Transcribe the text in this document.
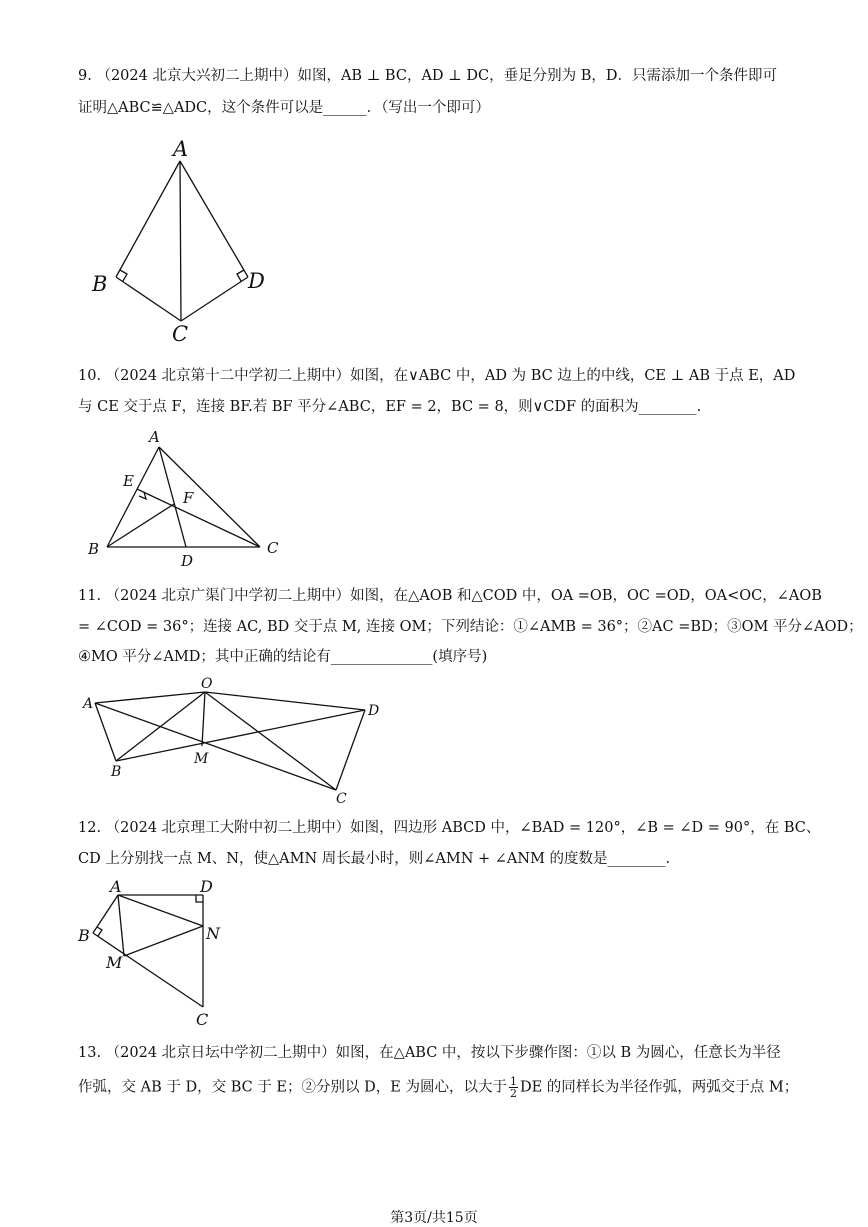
9. （2024 北京大兴初二上期中）如图，AB ⊥ BC，AD ⊥ DC，垂足分别为 B，D．只需添加一个条件即可
证明△ABC≌△ADC，这个条件可以是______．（写出一个即可）
A
B	D
C
10. （2024 北京第十二中学初二上期中）如图，在∨ABC 中，AD 为 BC 边上的中线，CE ⊥ AB 于点 E，AD
与 CE 交于点 F，连接 BF.若 BF 平分∠ABC，EF = 2，BC = 8，则∨CDF 的面积为________.
A
E
F
B	C
D
11. （2024 北京广渠门中学初二上期中）如图，在△AOB 和△COD 中，OA =OB，OC =OD，OA<OC，∠AOB
= ∠COD = 36°；连接 AC, BD 交于点 M, 连接 OM；下列结论：①∠AMB = 36°；②AC =BD；③OM 平分∠AOD；
④MO 平分∠AMD；其中正确的结论有______________(填序号)
A
O
D
B
M
C
12. （2024 北京理工大附中初二上期中）如图，四边形 ABCD 中，∠BAD = 120°，∠B = ∠D = 90°，在 BC、
CD 上分别找一点 M、N，使△AMN 周长最小时，则∠AMN + ∠ANM 的度数是________.
A	D
B	N
M
C
13. （2024 北京日坛中学初二上期中）如图，在△ABC 中，按以下步骤作图：①以 B 为圆心，任意长为半径
作弧，交 AB 于 D，交 BC 于 E；②分别以 D，E 为圆心，以大于 $\frac{1}{2}$ DE 的同样长为半径作弧，两弧交于点 M；
第3页/共15页
